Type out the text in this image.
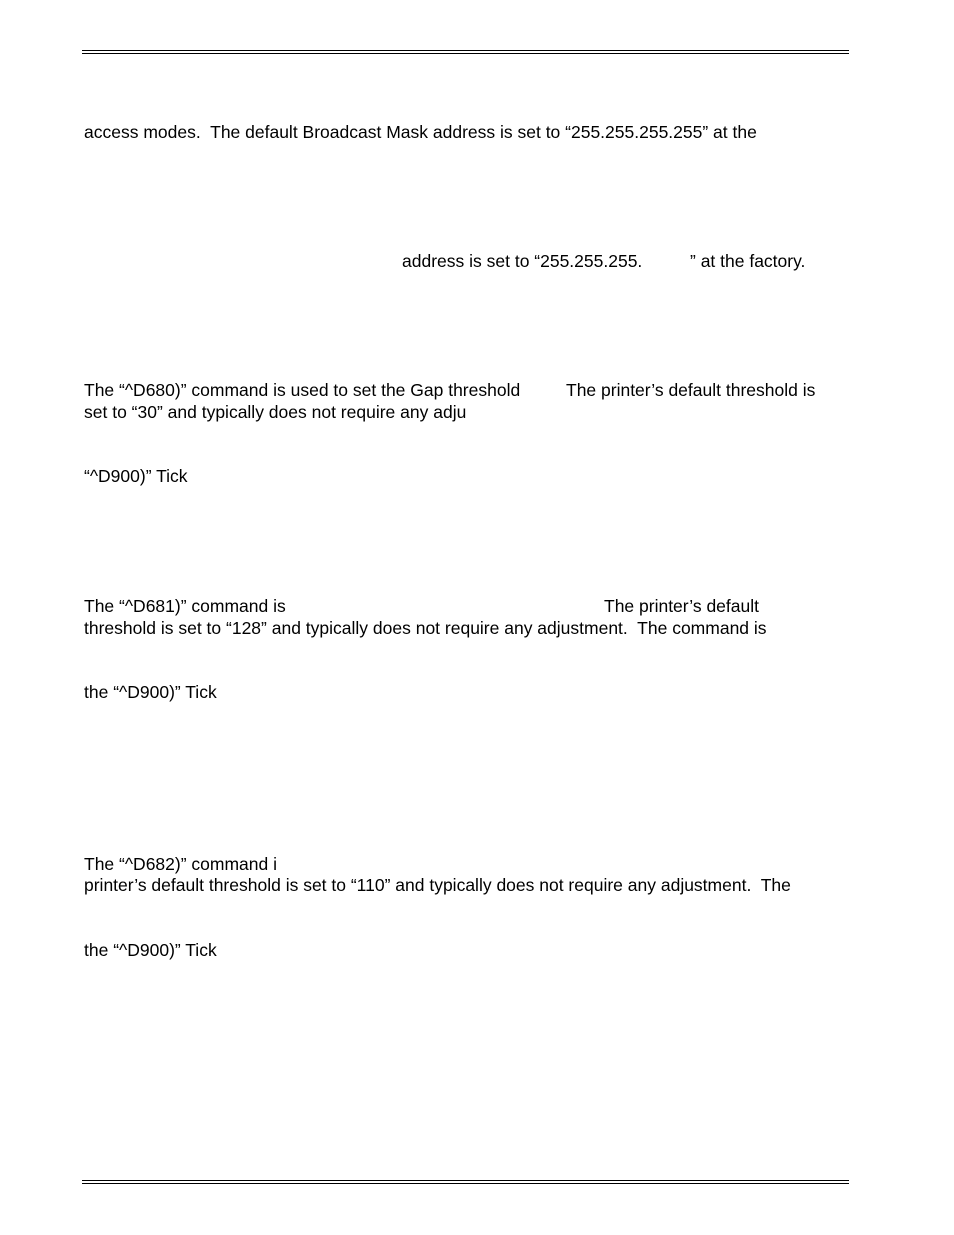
access modes.  The default Broadcast Mask address is set to “255.255.255.255” at the
address is set to “255.255.255.	” at the factory.
The “^D680)” command is used to set the Gap threshold	The printer’s default threshold is
set to “30” and typically does not require any adju
“^D900)” Tick
The “^D681)” command is	The printer’s default
threshold is set to “128” and typically does not require any adjustment.  The command is
the “^D900)” Tick
The “^D682)” command i
printer’s default threshold is set to “110” and typically does not require any adjustment.  The
the “^D900)” Tick
